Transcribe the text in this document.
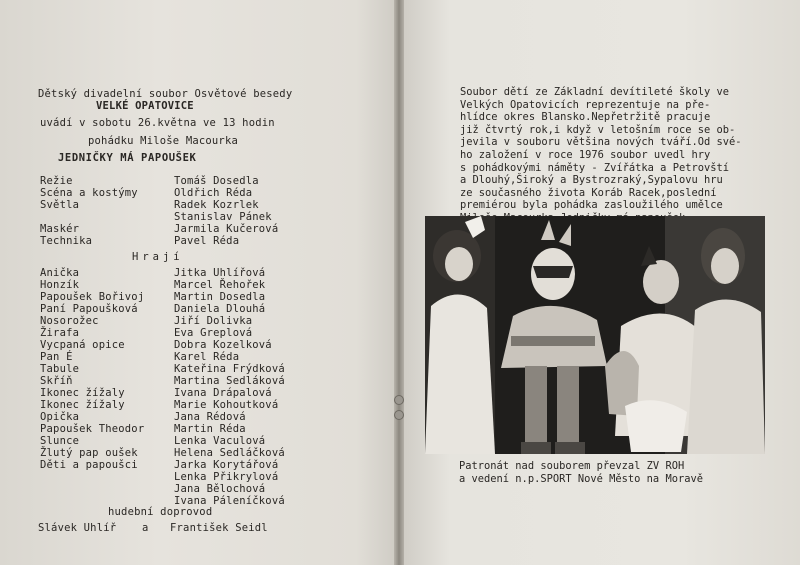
Dětský divadelní soubor Osvětové besedy
VELKÉ OPATOVICE
uvádí v sobotu 26.května ve 13 hodin
pohádku Miloše Macourka
JEDNIČKY MÁ PAPOUŠEK
Režie	Tomáš Dosedla
Scéna a kostýmy	Oldřich Réda
Světla	Radek Kozrlek
Stanislav Pánek
Maskér	Jarmila Kučerová
Technika	Pavel Réda
Hrají
Anička	Jitka Uhlířová
Honzík	Marcel Řehořek
Papoušek Bořivoj	Martin Dosedla
Paní Papoušková	Daniela Dlouhá
Nosorožec	Jiří Dolivka
Žirafa	Eva Greplová
Vycpaná opice	Dobra Kozelková
Pan É	Karel Réda
Tabule	Kateřina Frýdková
Skříň	Martina Sedláková
Ikonec žížaly	Ivana Drápalová
Ikonec žížaly	Marie Kohoutková
Opička	Jana Rédová
Papoušek Theodor	Martin Réda
Slunce	Lenka Vaculová
Žlutý pap oušek	Helena Sedláčková
Děti a papoušci	Jarka Korytářová
Lenka Přikrylová
Jana Bělochová
Ivana Páleníčková
hudební doprovod
Slávek Uhlíř a František Seidl
Soubor dětí ze Základní devítileté školy ve
Velkých Opatovicích reprezentuje na pře-
hlídce okres Blansko.Nepřetržitě pracuje
již čtvrtý rok,i když v letošním roce se ob-
jevila v souboru většina nových tváří.Od své-
ho založení v roce 1976 soubor uvedl hry
s pohádkovými náměty - Zvířátka a Petrovští
a Dlouhý,Široký a Bystrozraký,Sypalovu hru
ze současného života Koráb Racek,poslední
premiérou byla pohádka zasloužilého umělce
Patronát nad souborem převzal ZV ROH
a vedení n.p.SPORT Nové Město na Moravě
